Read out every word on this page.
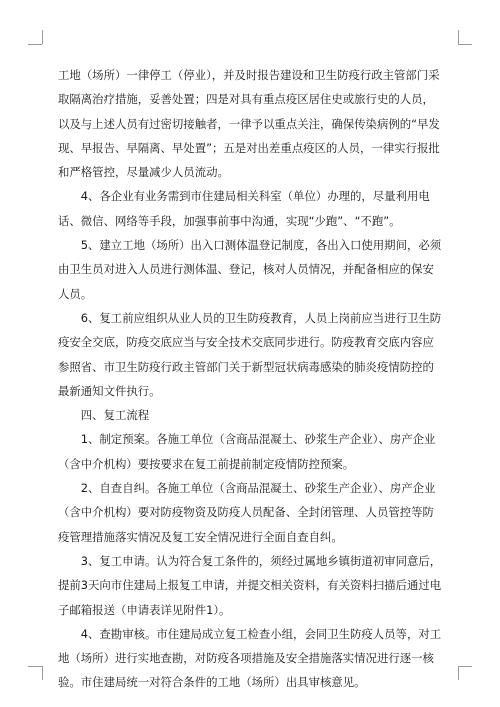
工地（场所）一律停工（停业），并及时报告建设和卫生防疫行政主管部门采取隔离治疗措施，妥善处置；四是对具有重点疫区居住史或旅行史的人员，以及与上述人员有过密切接触者，一律予以重点关注，确保传染病例的“早发现、早报告、早隔离、早处置”；五是对出差重点疫区的人员，一律实行报批和严格管控，尽量减少人员流动。

　　4、各企业有业务需到市住建局相关科室（单位）办理的，尽量利用电话、微信、网络等手段，加强事前事中沟通，实现“少跑”、“不跑”。

　　5、建立工地（场所）出入口测体温登记制度，各出入口使用期间，必须由卫生员对进入人员进行测体温、登记，核对人员情况，并配备相应的保安人员。

　　6、复工前应组织从业人员的卫生防疫教育，人员上岗前应当进行卫生防疫安全交底，防疫交底应当与安全技术交底同步进行。防疫教育交底内容应参照省、市卫生防疫行政主管部门关于新型冠状病毒感染的肺炎疫情防控的最新通知文件执行。

　　四、复工流程

　　1、制定预案。各施工单位（含商品混凝土、砂浆生产企业）、房产企业（含中介机构）要按要求在复工前提前制定疫情防控预案。

　　2、自查自纠。各施工单位（含商品混凝土、砂浆生产企业）、房产企业（含中介机构）要对防疫物资及防疫人员配备、全封闭管理、人员管控等防疫管理措施落实情况及复工安全情况进行全面自查自纠。

　　3、复工申请。认为符合复工条件的，须经过属地乡镇街道初审同意后，提前3天向市住建局上报复工申请，并提交相关资料，有关资料扫描后通过电子邮箱报送（申请表详见附件1）。

　　4、查勘审核。市住建局成立复工检查小组，会同卫生防疫人员等，对工地（场所）进行实地查勘，对防疫各项措施及安全措施落实情况进行逐一核验。市住建局统一对符合条件的工地（场所）出具审核意见。
